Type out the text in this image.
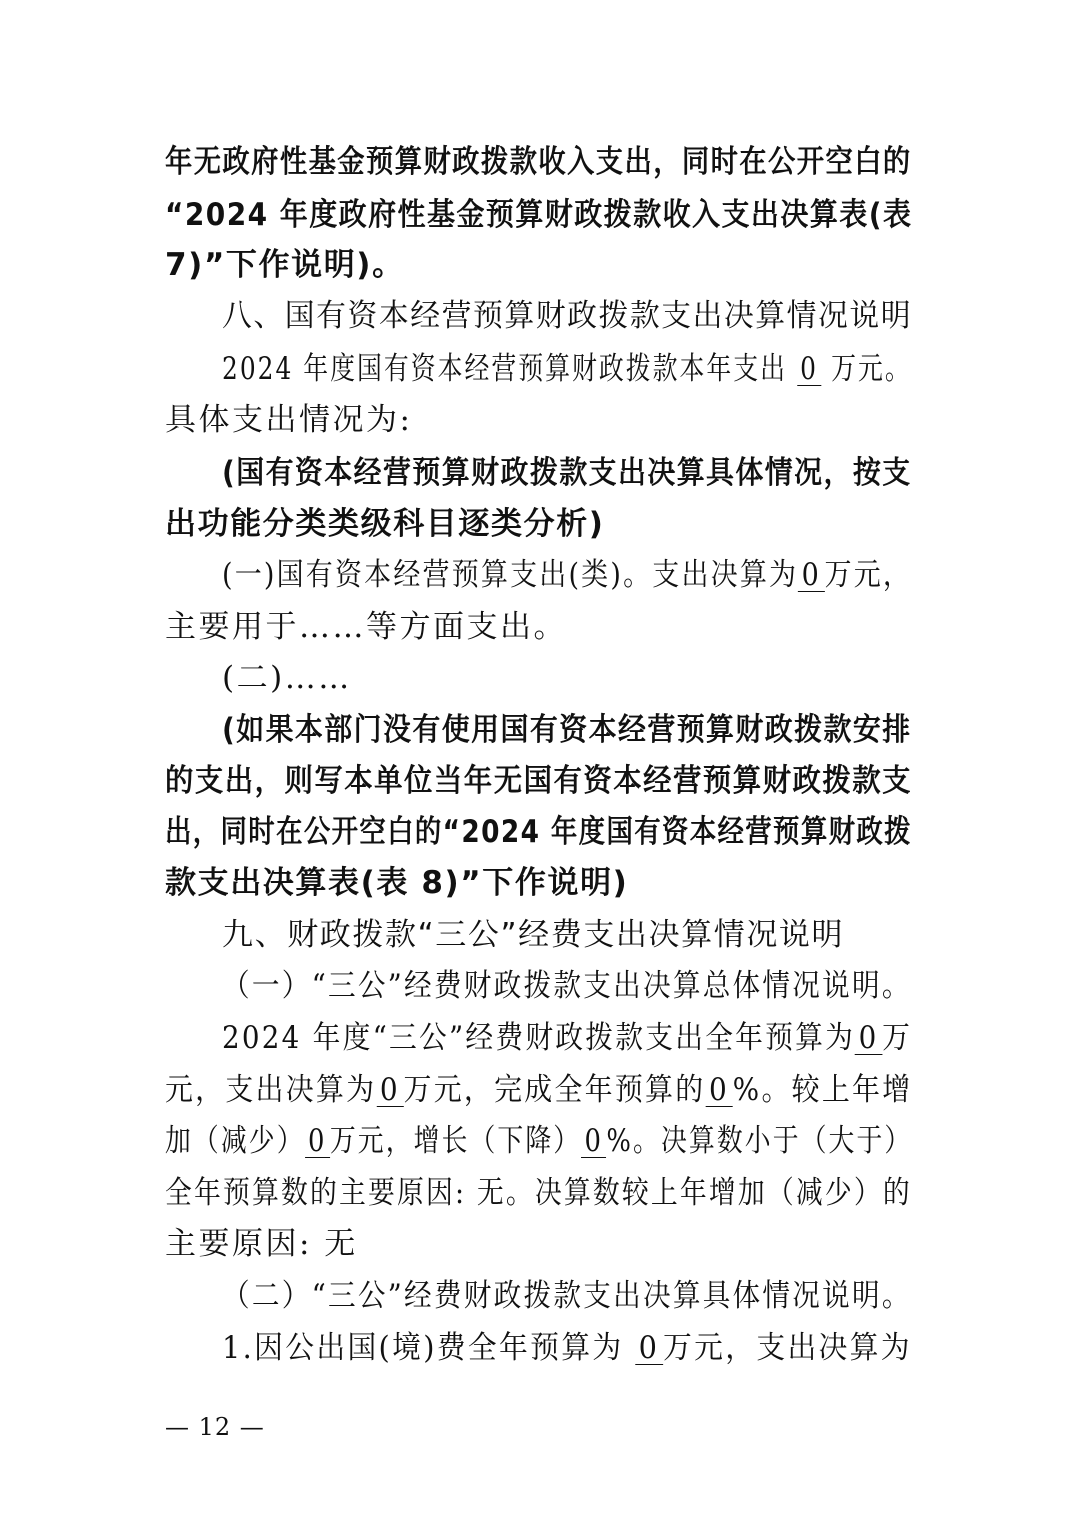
年无政府性基金预算财政拨款收入支出，同时在公开空白的
“2024 年度政府性基金预算财政拨款收入支出决算表(表
7)”下作说明)。
八、国有资本经营预算财政拨款支出决算情况说明
2024 年度国有资本经营预算财政拨款本年支出 0 万元。
具体支出情况为:
(国有资本经营预算财政拨款支出决算具体情况，按支
出功能分类类级科目逐类分析)
(一)国有资本经营预算支出(类)。支出决算为 0 万元，
主要用于……等方面支出。
(二)……
(如果本部门没有使用国有资本经营预算财政拨款安排
的支出，则写本单位当年无国有资本经营预算财政拨款支
出，同时在公开空白的“2024 年度国有资本经营预算财政拨
款支出决算表(表 8)”下作说明)
九、财政拨款“三公”经费支出决算情况说明
（一）“三公”经费财政拨款支出决算总体情况说明。
2024 年度“三公”经费财政拨款支出全年预算为 0 万
元，支出决算为 0 万元，完成全年预算的 0 %。较上年增
加（减少） 0 万元，增长（下降） 0 %。决算数小于（大于）
全年预算数的主要原因: 无。决算数较上年增加（减少）的
主要原因: 无
（二）“三公”经费财政拨款支出决算具体情况说明。
1.因公出国(境)费全年预算为 0 万元，支出决算为
— 12 —
